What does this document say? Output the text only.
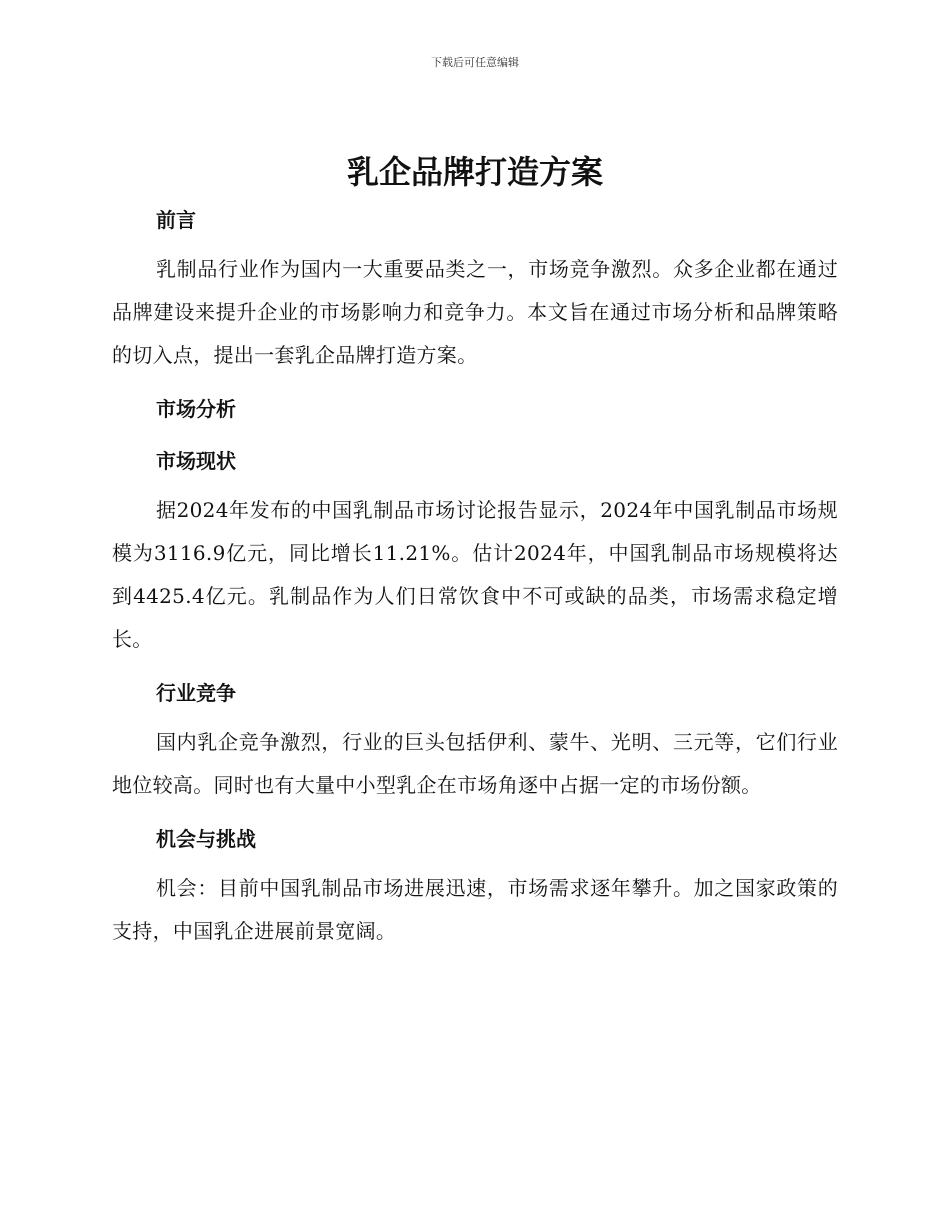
下载后可任意编辑
乳企品牌打造方案
前言

乳制品行业作为国内一大重要品类之一，市场竞争激烈。众多企业都在通过品牌建设来提升企业的市场影响力和竞争力。本文旨在通过市场分析和品牌策略的切入点，提出一套乳企品牌打造方案。

市场分析
市场现状

据2024年发布的中国乳制品市场讨论报告显示，2024年中国乳制品市场规模为3116.9亿元，同比增长11.21%。估计2024年，中国乳制品市场规模将达到4425.4亿元。乳制品作为人们日常饮食中不可或缺的品类，市场需求稳定增长。

行业竞争

国内乳企竞争激烈，行业的巨头包括伊利、蒙牛、光明、三元等，它们行业地位较高。同时也有大量中小型乳企在市场角逐中占据一定的市场份额。

机会与挑战

机会：目前中国乳制品市场进展迅速，市场需求逐年攀升。加之国家政策的支持，中国乳企进展前景宽阔。
